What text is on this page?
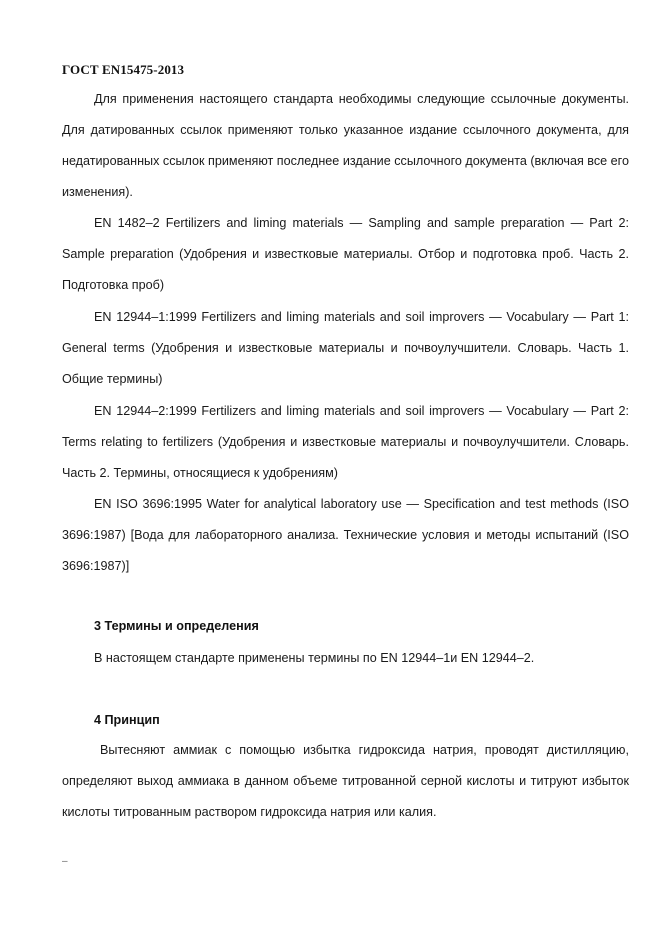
ГОСТ EN15475-2013
Для применения настоящего стандарта необходимы следующие ссылочные документы. Для датированных ссылок применяют только указанное издание ссылочного документа, для недатированных ссылок применяют последнее издание ссылочного документа (включая все его изменения).
EN 1482–2 Fertilizers and liming materials — Sampling and sample preparation — Part 2: Sample preparation (Удобрения и известковые материалы. Отбор и подготовка проб. Часть 2. Подготовка проб)
EN 12944–1:1999 Fertilizers and liming materials and soil improvers — Vocabulary — Part 1: General terms (Удобрения и известковые материалы и почвоулучшители. Словарь. Часть 1. Общие термины)
EN 12944–2:1999 Fertilizers and liming materials and soil improvers — Vocabulary — Part 2: Terms relating to fertilizers (Удобрения и известковые материалы и почвоулучшители. Словарь. Часть 2. Термины, относящиеся к удобрениям)
EN ISO 3696:1995 Water for analytical laboratory use — Specification and test methods (ISO 3696:1987) [Вода для лабораторного анализа. Технические условия и методы испытаний (ISO 3696:1987)]
3 Термины и определения
В настоящем стандарте применены термины по EN 12944–1и EN 12944–2.
4 Принцип
Вытесняют аммиак с помощью избытка гидроксида натрия, проводят дистилляцию, определяют выход аммиака в данном объеме титрованной серной кислоты и титруют избыток кислоты титрованным раствором гидроксида натрия или калия.
–
